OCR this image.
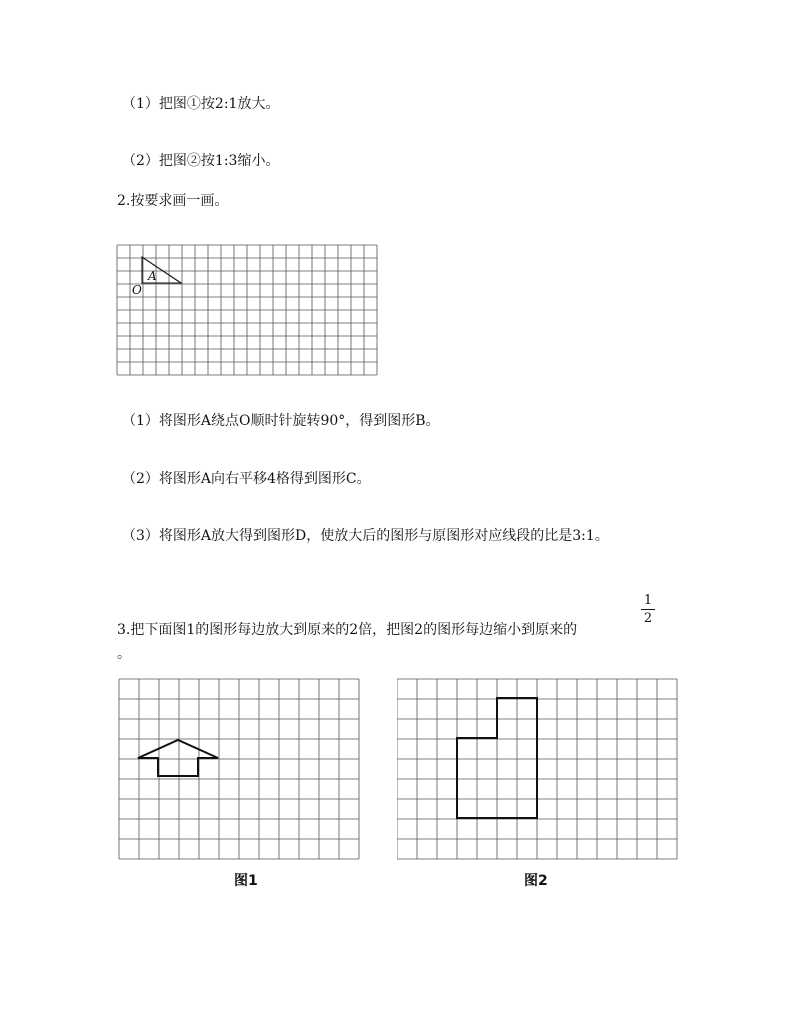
（1）把图①按2:1放大。
（2）把图②按1:3缩小。
2.按要求画一画。
A
O
（1）将图形A绕点O顺时针旋转90°，得到图形B。
（2）将图形A向右平移4格得到图形C。
（3）将图形A放大得到图形D，使放大后的图形与原图形对应线段的比是3:1。
1
2
3.把下面图1的图形每边放大到原来的2倍，把图2的图形每边缩小到原来的
。
图1	图2
